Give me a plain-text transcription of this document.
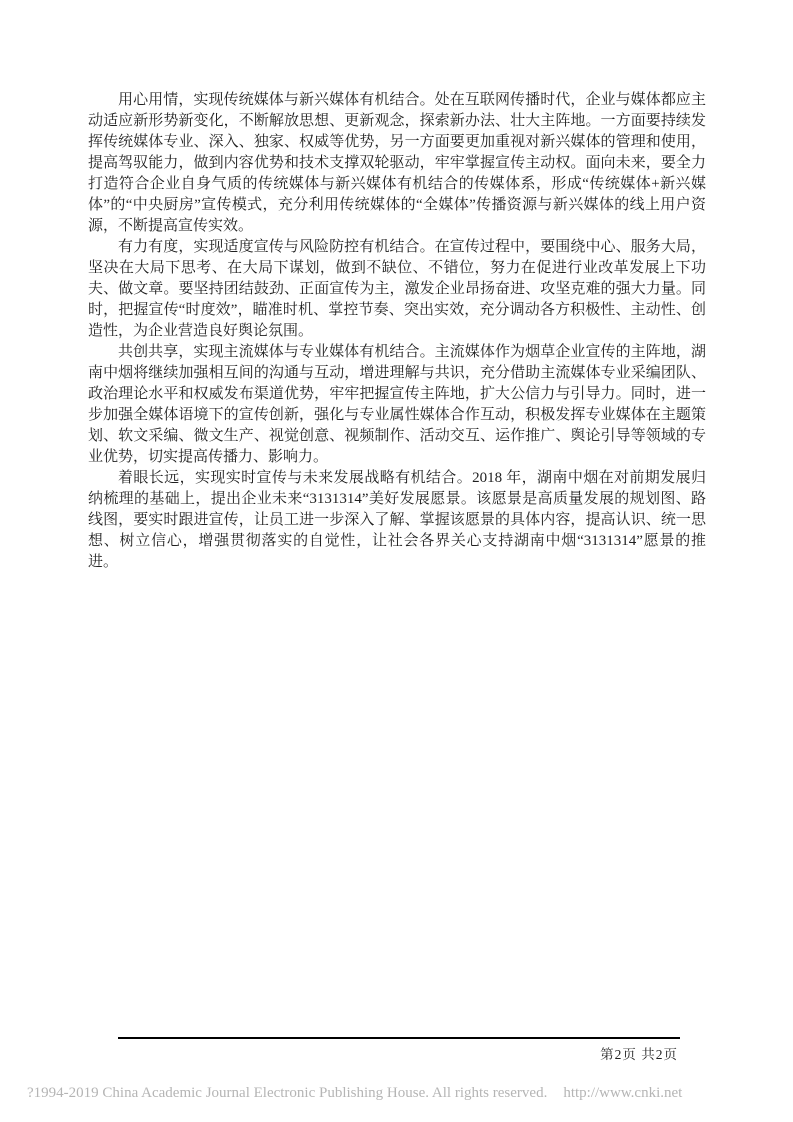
用心用情，实现传统媒体与新兴媒体有机结合。处在互联网传播时代，企业与媒体都应主动适应新形势新变化，不断解放思想、更新观念，探索新办法、壮大主阵地。一方面要持续发挥传统媒体专业、深入、独家、权威等优势，另一方面要更加重视对新兴媒体的管理和使用，提高驾驭能力，做到内容优势和技术支撑双轮驱动，牢牢掌握宣传主动权。面向未来，要全力打造符合企业自身气质的传统媒体与新兴媒体有机结合的传媒体系，形成“传统媒体+新兴媒体”的“中央厨房”宣传模式，充分利用传统媒体的“全媒体”传播资源与新兴媒体的线上用户资源，不断提高宣传实效。

有力有度，实现适度宣传与风险防控有机结合。在宣传过程中，要围绕中心、服务大局，坚决在大局下思考、在大局下谋划，做到不缺位、不错位，努力在促进行业改革发展上下功夫、做文章。要坚持团结鼓劲、正面宣传为主，激发企业昂扬奋进、攻坚克难的强大力量。同时，把握宣传“时度效”，瞄准时机、掌控节奏、突出实效，充分调动各方积极性、主动性、创造性，为企业营造良好舆论氛围。

共创共享，实现主流媒体与专业媒体有机结合。主流媒体作为烟草企业宣传的主阵地，湖南中烟将继续加强相互间的沟通与互动，增进理解与共识，充分借助主流媒体专业采编团队、政治理论水平和权威发布渠道优势，牢牢把握宣传主阵地，扩大公信力与引导力。同时，进一步加强全媒体语境下的宣传创新，强化与专业属性媒体合作互动，积极发挥专业媒体在主题策划、软文采编、微文生产、视觉创意、视频制作、活动交互、运作推广、舆论引导等领域的专业优势，切实提高传播力、影响力。

着眼长远，实现实时宣传与未来发展战略有机结合。2018 年，湖南中烟在对前期发展归纳梳理的基础上，提出企业未来“3131314”美好发展愿景。该愿景是高质量发展的规划图、路线图，要实时跟进宣传，让员工进一步深入了解、掌握该愿景的具体内容，提高认识、统一思想、树立信心，增强贯彻落实的自觉性，让社会各界关心支持湖南中烟“3131314”愿景的推进。

第2页 共2页
?1994-2019 China Academic Journal Electronic Publishing House. All rights reserved. http://www.cnki.net
